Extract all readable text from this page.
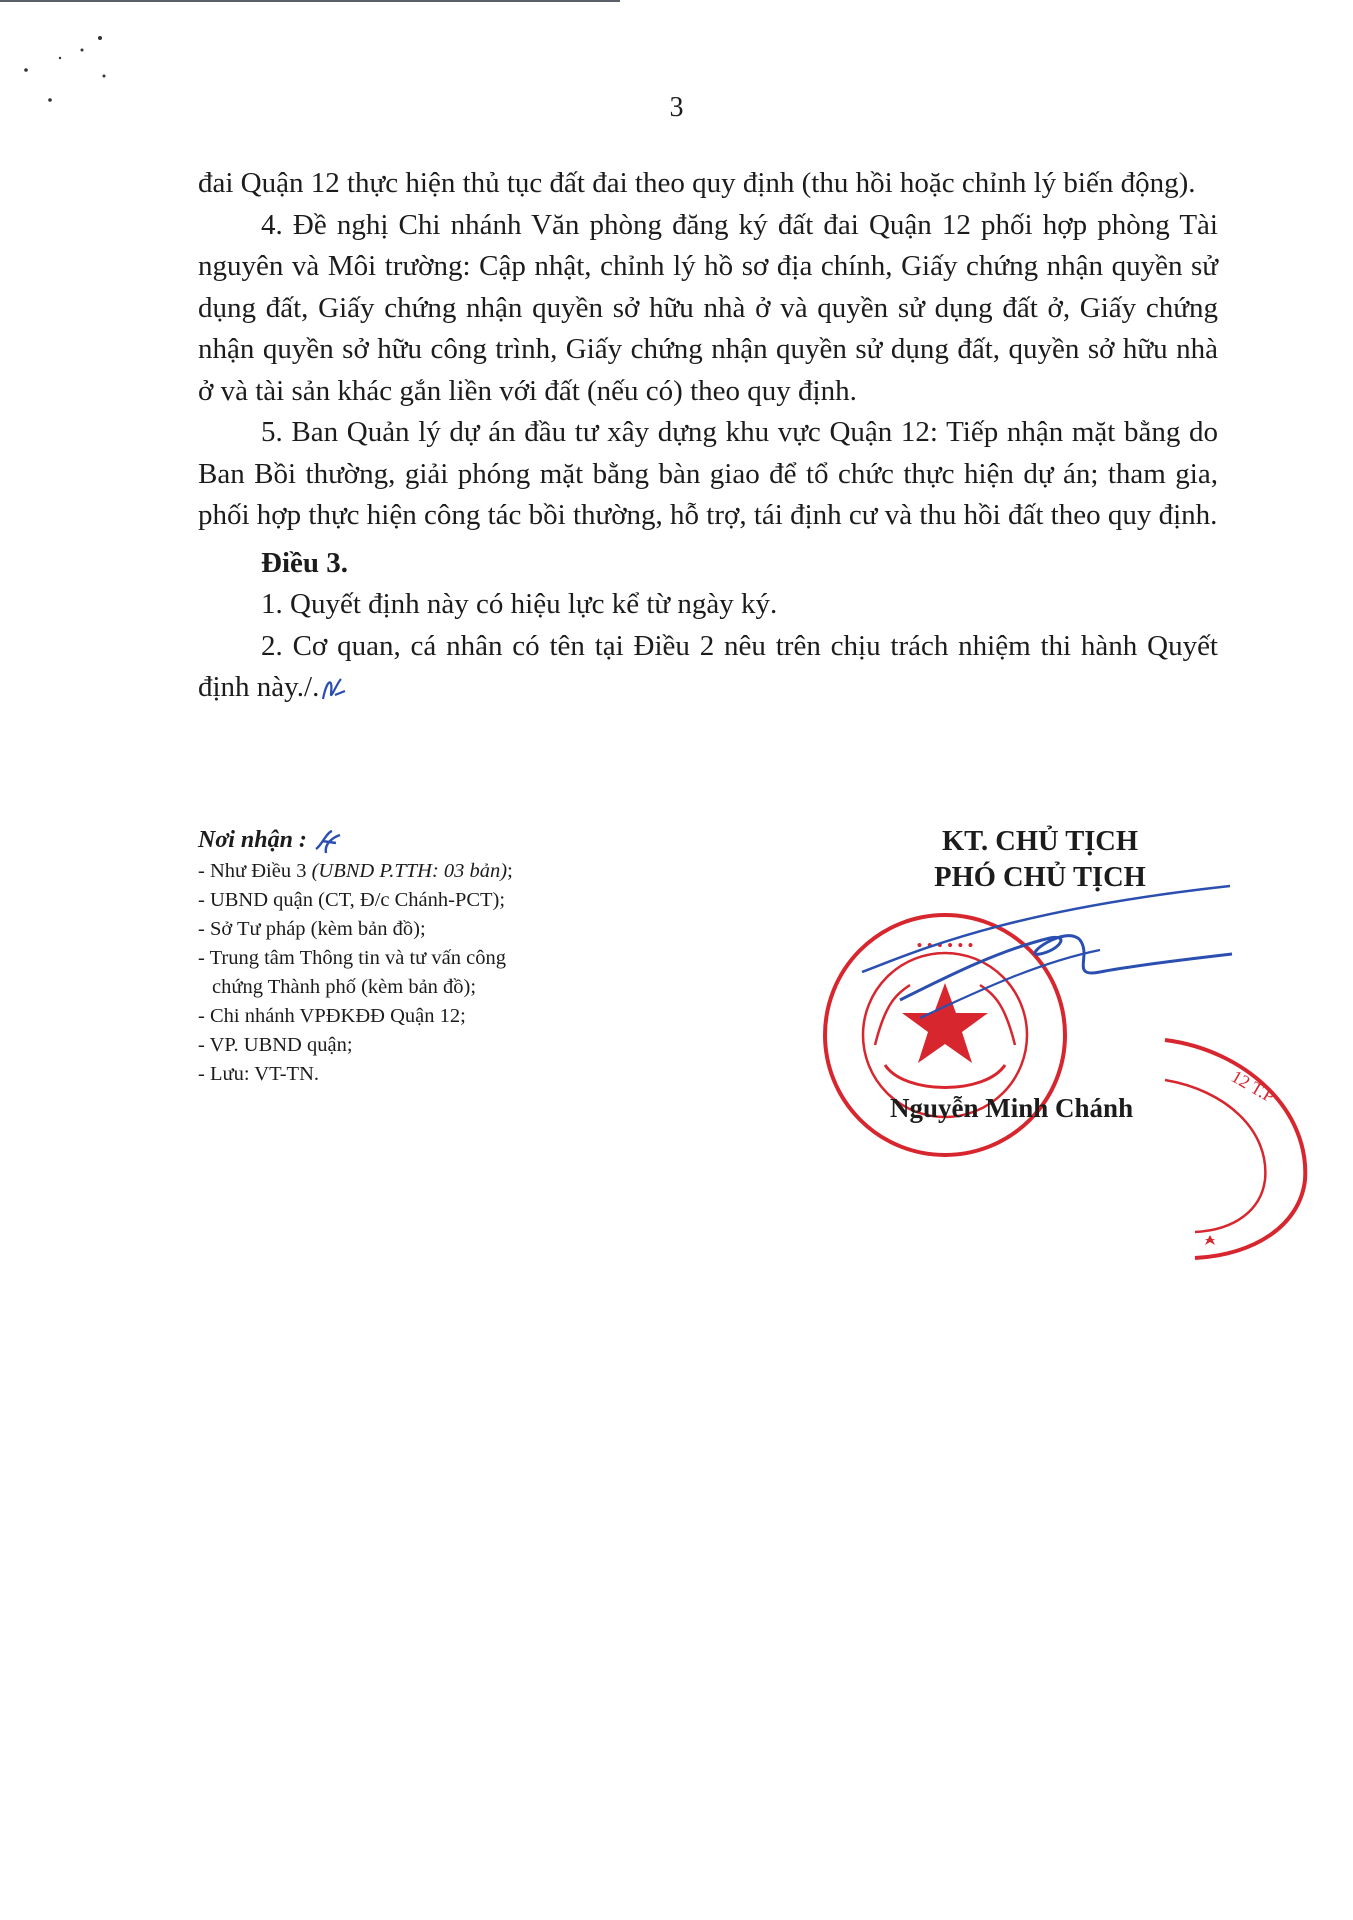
3

đai Quận 12 thực hiện thủ tục đất đai theo quy định (thu hồi hoặc chỉnh lý biến động).

4. Đề nghị Chi nhánh Văn phòng đăng ký đất đai Quận 12 phối hợp phòng Tài nguyên và Môi trường: Cập nhật, chỉnh lý hồ sơ địa chính, Giấy chứng nhận quyền sử dụng đất, Giấy chứng nhận quyền sở hữu nhà ở và quyền sử dụng đất ở, Giấy chứng nhận quyền sở hữu công trình, Giấy chứng nhận quyền sử dụng đất, quyền sở hữu nhà ở và tài sản khác gắn liền với đất (nếu có) theo quy định.

5. Ban Quản lý dự án đầu tư xây dựng khu vực Quận 12: Tiếp nhận mặt bằng do Ban Bồi thường, giải phóng mặt bằng bàn giao để tổ chức thực hiện dự án; tham gia, phối hợp thực hiện công tác bồi thường, hỗ trợ, tái định cư và thu hồi đất theo quy định.

Điều 3.

1. Quyết định này có hiệu lực kể từ ngày ký.

2. Cơ quan, cá nhân có tên tại Điều 2 nêu trên chịu trách nhiệm thi hành Quyết định này./.

Nơi nhận :
- Như Điều 3 (UBND P.TTH: 03 bản);
- UBND quận (CT, Đ/c Chánh-PCT);
- Sở Tư pháp (kèm bản đồ);
- Trung tâm Thông tin và tư vấn công
chứng Thành phố (kèm bản đồ);
- Chi nhánh VPĐKĐĐ Quận 12;
- VP. UBND quận;
- Lưu: VT-TN.
KT. CHỦ TỊCH
PHÓ CHỦ TỊCH
• • • • • •
Nguyễn Minh Chánh
12 T.P
